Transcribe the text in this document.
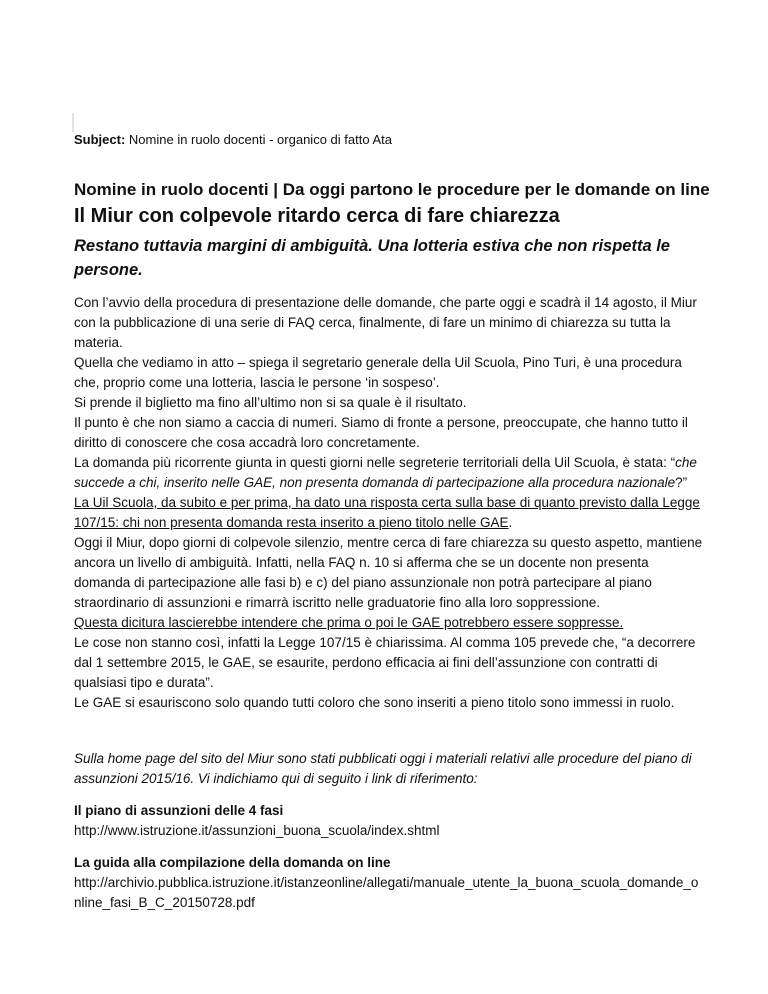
Subject: Nomine in ruolo docenti - organico di fatto Ata
Nomine in ruolo docenti | Da oggi partono le procedure per le domande on line
Il Miur con colpevole ritardo cerca di fare chiarezza
Restano tuttavia margini di ambiguità. Una lotteria estiva che non rispetta le persone.

Con l’avvio della procedura di presentazione delle domande, che parte oggi e scadrà il 14 agosto, il Miur con la pubblicazione di una serie di FAQ cerca, finalmente, di fare un minimo di chiarezza su tutta la materia.

Quella che vediamo in atto – spiega il segretario generale della Uil Scuola, Pino Turi, è una procedura che, proprio come una lotteria, lascia le persone ‘in sospeso’.

Si prende il biglietto ma fino all’ultimo non si sa quale è il risultato.

Il punto è che non siamo a caccia di numeri. Siamo di fronte a persone, preoccupate, che hanno tutto il diritto di conoscere che cosa accadrà loro concretamente.

La domanda più ricorrente giunta in questi giorni nelle segreterie territoriali della Uil Scuola, è stata: “che succede a chi, inserito nelle GAE, non presenta domanda di partecipazione alla procedura nazionale?”

La Uil Scuola, da subito e per prima, ha dato una risposta certa sulla base di quanto previsto dalla Legge 107/15: chi non presenta domanda resta inserito a pieno titolo nelle GAE.

Oggi il Miur, dopo giorni di colpevole silenzio, mentre cerca di fare chiarezza su questo aspetto, mantiene ancora un livello di ambiguità. Infatti, nella FAQ n. 10 si afferma che se un docente non presenta domanda di partecipazione alle fasi b) e c) del piano assunzionale non potrà partecipare al piano straordinario di assunzioni e rimarrà iscritto nelle graduatorie fino alla loro soppressione.

Questa dicitura lascierebbe intendere che prima o poi le GAE potrebbero essere soppresse.

Le cose non stanno così, infatti la Legge 107/15 è chiarissima. Al comma 105 prevede che, “a decorrere dal 1 settembre 2015, le GAE, se esaurite, perdono efficacia ai fini dell’assunzione con contratti di qualsiasi tipo e durata”.

Le GAE si esauriscono solo quando tutti coloro che sono inseriti a pieno titolo sono immessi in ruolo.

Sulla home page del sito del Miur sono stati pubblicati oggi i materiali relativi alle procedure del piano di assunzioni 2015/16. Vi indichiamo qui di seguito i link di riferimento:
Il piano di assunzioni delle 4 fasi
http://www.istruzione.it/assunzioni_buona_scuola/index.shtml
La guida alla compilazione della domanda on line
http://archivio.pubblica.istruzione.it/istanzeonline/allegati/manuale_utente_la_buona_scuola_domande_online_fasi_B_C_20150728.pdf
